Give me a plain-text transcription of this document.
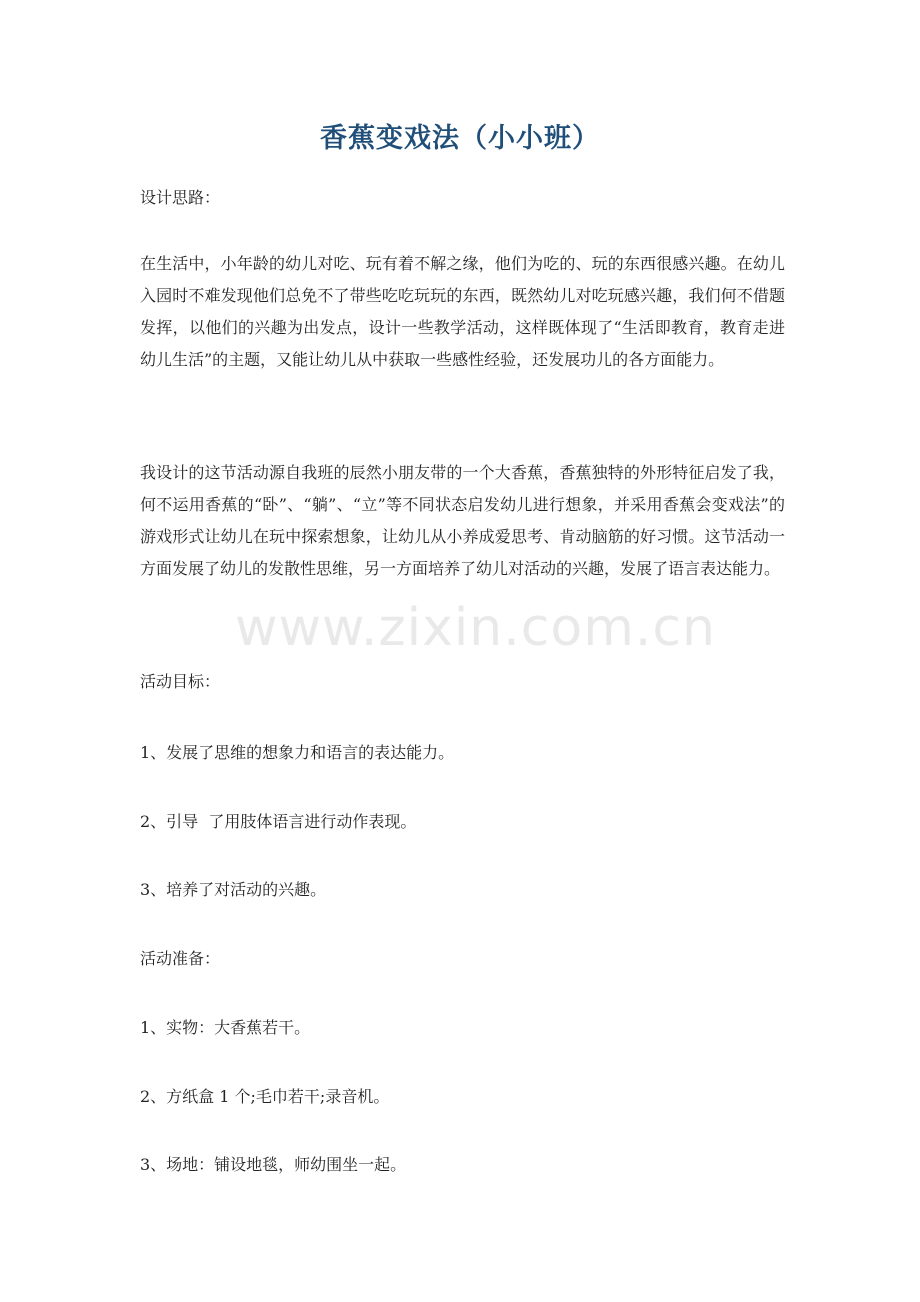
香蕉变戏法（小小班）
设计思路：
在生活中，小年龄的幼儿对吃、玩有着不解之缘，他们为吃的、玩的东西很感兴趣。在幼儿入园时不难发现他们总免不了带些吃吃玩玩的东西，既然幼儿对吃玩感兴趣，我们何不借题发挥，以他们的兴趣为出发点，设计一些教学活动，这样既体现了“生活即教育，教育走进幼儿生活”的主题，又能让幼儿从中获取一些感性经验，还发展功儿的各方面能力。
我设计的这节活动源自我班的辰然小朋友带的一个大香蕉，香蕉独特的外形特征启发了我，何不运用香蕉的“卧”、“躺”、“立”等不同状态启发幼儿进行想象，并采用香蕉会变戏法”的游戏形式让幼儿在玩中探索想象，让幼儿从小养成爱思考、肯动脑筋的好习惯。这节活动一方面发展了幼儿的发散性思维，另一方面培养了幼儿对活动的兴趣，发展了语言表达能力。
www.zixin.com.cn
活动目标：
1、发展了思维的想象力和语言的表达能力。
2、引导  了用肢体语言进行动作表现。
3、培养了对活动的兴趣。
活动准备：
1、实物：大香蕉若干。
2、方纸盒 1 个;毛巾若干;录音机。
3、场地：铺设地毯，师幼围坐一起。
